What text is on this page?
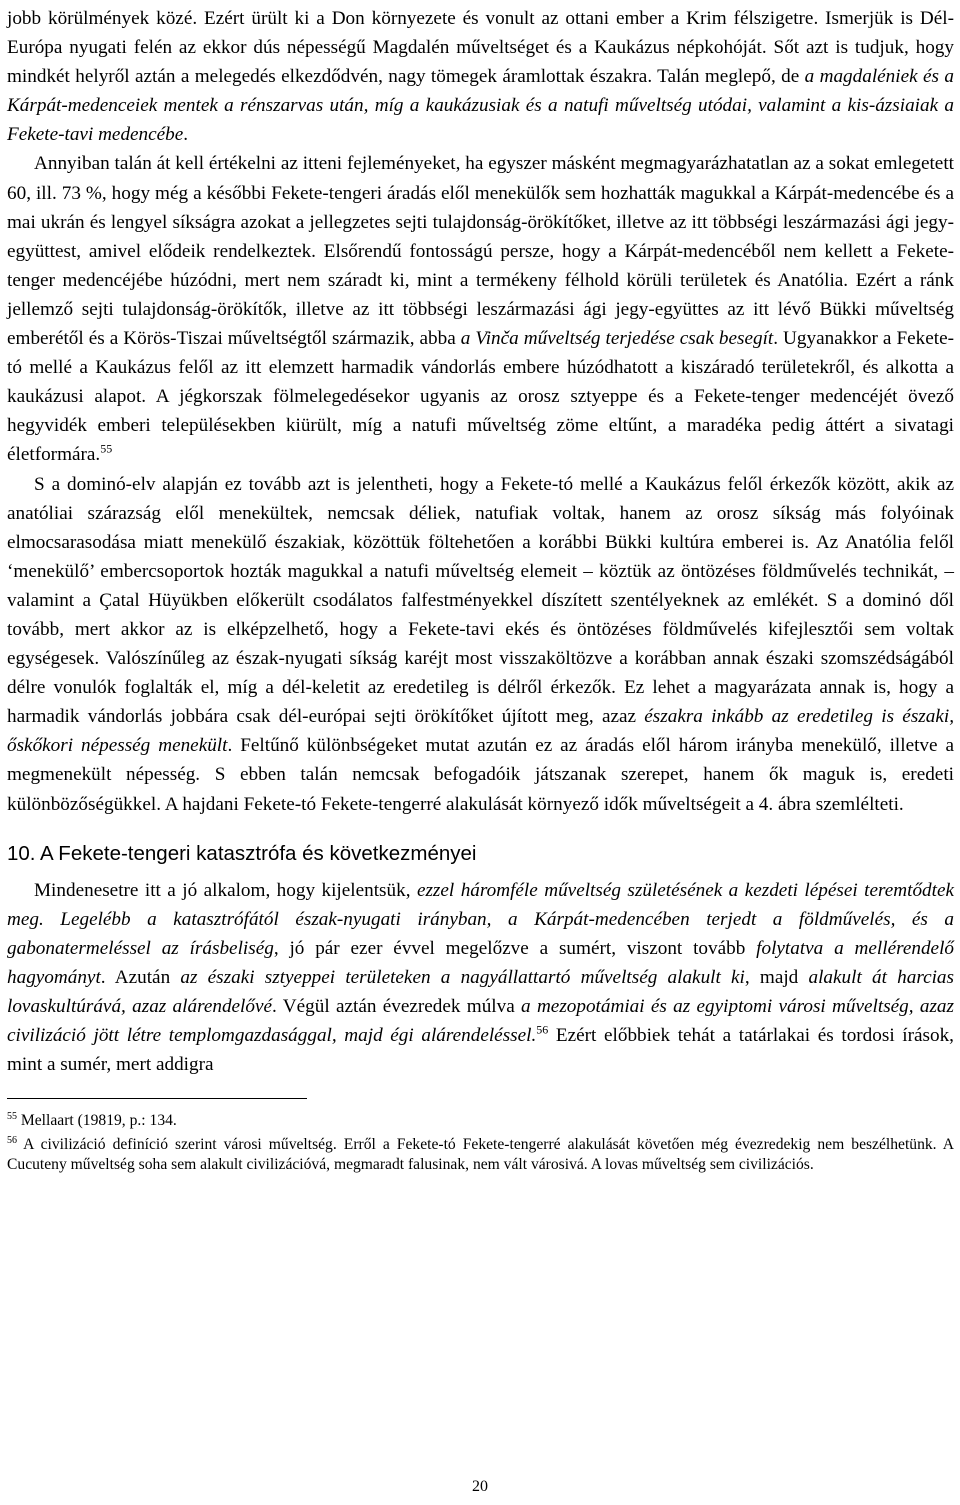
jobb körülmények közé. Ezért ürült ki a Don környezete és vonult az ottani ember a Krim félszigetre. Ismerjük is Dél-Európa nyugati felén az ekkor dús népességű Magdalén műveltséget és a Kaukázus népkohóját. Sőt azt is tudjuk, hogy mindkét helyről aztán a melegedés elkezdődvén, nagy tömegek áramlottak északra. Talán meglepő, de a magdaléniek és a Kárpát-medenceiek mentek a rénszarvas után, míg a kaukázusiak és a natufi műveltség utódai, valamint a kis-ázsiaiak a Fekete-tavi medencébe.

Annyiban talán át kell értékelni az itteni fejleményeket, ha egyszer másként megmagyarázhatatlan az a sokat emlegetett 60, ill. 73 %, hogy még a későbbi Fekete-tengeri áradás elől menekülők sem hozhatták magukkal a Kárpát-medencébe és a mai ukrán és lengyel síkságra azokat a jellegzetes sejti tulajdonság-örökítőket, illetve az itt többségi leszármazási ági jegy-együttest, amivel elődeik rendelkeztek. Elsőrendű fontosságú persze, hogy a Kárpát-medencéből nem kellett a Fekete-tenger medencéjébe húzódni, mert nem száradt ki, mint a termékeny félhold körüli területek és Anatólia. Ezért a ránk jellemző sejti tulajdonság-örökítők, illetve az itt többségi leszármazási ági jegy-együttes az itt lévő Bükki műveltség emberétől és a Körös-Tiszai műveltségtől származik, abba a Vinča műveltség terjedése csak besegít. Ugyanakkor a Fekete-tó mellé a Kaukázus felől az itt elemzett harmadik vándorlás embere húzódhatott a kiszáradó területekről, és alkotta a kaukázusi alapot. A jégkorszak fölmelegedésekor ugyanis az orosz sztyeppe és a Fekete-tenger medencéjét övező hegyvidék emberi településekben kiürült, míg a natufi műveltség zöme eltűnt, a maradéka pedig áttért a sivatagi életformára.$^{55}$

S a dominó-elv alapján ez tovább azt is jelentheti, hogy a Fekete-tó mellé a Kaukázus felől érkezők között, akik az anatóliai szárazság elől menekültek, nemcsak déliek, natufiak voltak, hanem az orosz síkság más folyóinak elmocsarasodása miatt menekülő északiak, közöttük föltehetően a korábbi Bükki kultúra emberei is. Az Anatólia felől ‘menekülő’ embercsoportok hozták magukkal a natufi műveltség elemeit – köztük az öntözéses földművelés technikát, – valamint a Çatal Hüyükben előkerült csodálatos falfestményekkel díszített szentélyeknek az emlékét. S a dominó dől tovább, mert akkor az is elképzelhető, hogy a Fekete-tavi ekés és öntözéses földművelés kifejlesztői sem voltak egységesek. Valószínűleg az észak-nyugati síkság karéjt most visszaköltözve a korábban annak északi szomszédságából délre vonulók foglalták el, míg a dél-keletit az eredetileg is délről érkezők. Ez lehet a magyarázata annak is, hogy a harmadik vándorlás jobbára csak dél-európai sejti örökítőket újított meg, azaz északra inkább az eredetileg is északi, őskőkori népesség menekült. Feltűnő különbségeket mutat azután ez az áradás elől három irányba menekülő, illetve a megmenekült népesség. S ebben talán nemcsak befogadóik játszanak szerepet, hanem ők maguk is, eredeti különbözőségükkel. A hajdani Fekete-tó Fekete-tengerré alakulását környező idők műveltségeit a 4. ábra szemlélteti.

10. A Fekete-tengeri katasztrófa és következményei

Mindenesetre itt a jó alkalom, hogy kijelentsük, ezzel háromféle műveltség születésének a kezdeti lépései teremtődtek meg. Legelébb a katasztrófától észak-nyugati irányban, a Kárpát-medencében terjedt a földművelés, és a gabonatermeléssel az írásbeliség, jó pár ezer évvel megelőzve a sumért, viszont tovább folytatva a mellérendelő hagyományt. Azután az északi sztyeppei területeken a nagyállattartó műveltség alakult ki, majd alakult át harcias lovaskultúrává, azaz alárendelővé. Végül aztán évezredek múlva a mezopotámiai és az egyiptomi városi műveltség, azaz civilizáció jött létre templomgazdasággal, majd égi alárendeléssel.$^{56}$ Ezért előbbiek tehát a tatárlakai és tordosi írások, mint a sumér, mert addigra

$^{55}$ Mellaart (19819, p.: 134.

$^{56}$ A civilizáció definíció szerint városi műveltség. Erről a Fekete-tó Fekete-tengerré alakulását követően még évezredekig nem beszélhetünk. A Cucuteny műveltség soha sem alakult civilizációvá, megmaradt falusinak, nem vált városivá. A lovas műveltség sem civilizációs.

20
